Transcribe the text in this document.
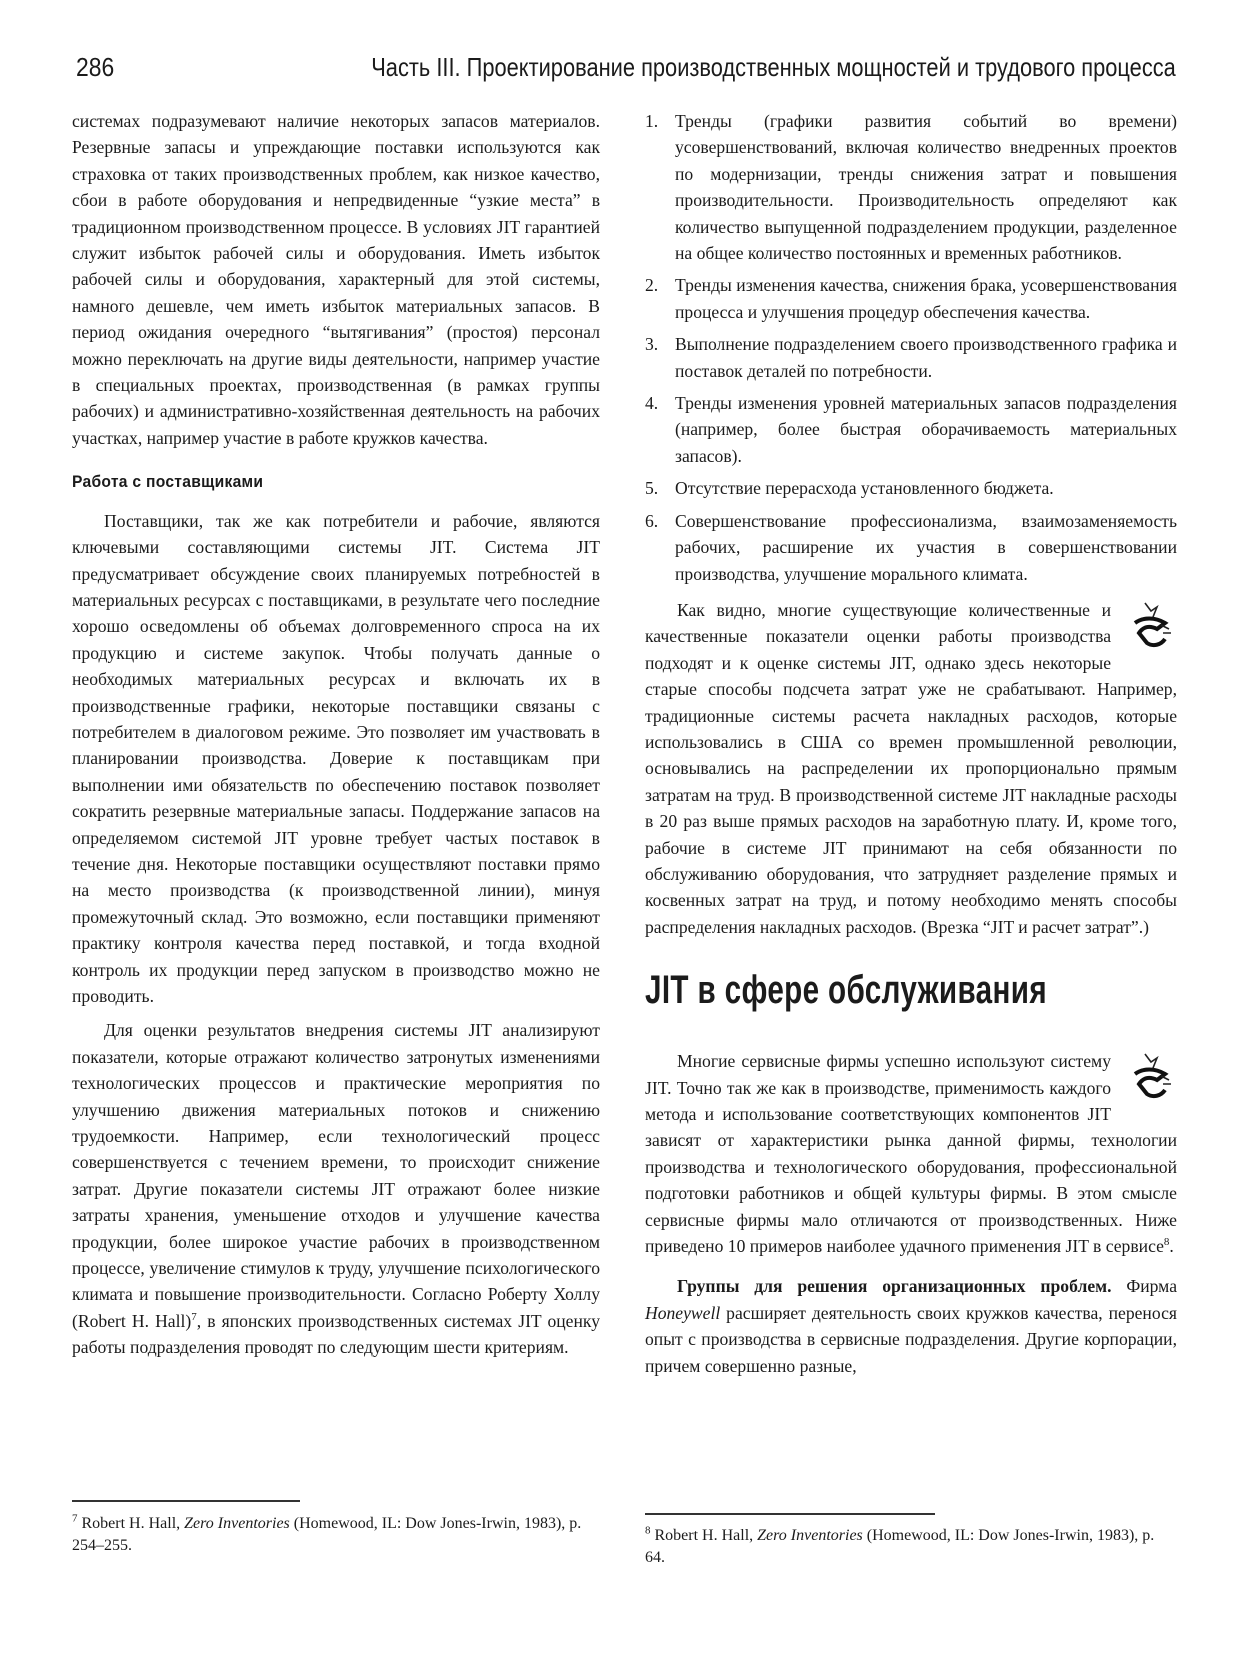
286	Часть III. Проектирование производственных мощностей и трудового процесса

системах подразумевают наличие некоторых запасов материалов. Резервные запасы и упреждающие поставки используются как страховка от таких производственных проблем, как низкое качество, сбои в работе оборудования и непредвиденные “узкие места” в традиционном производственном процессе. В условиях JIT гарантией служит избыток рабочей силы и оборудования. Иметь избыток рабочей силы и оборудования, характерный для этой системы, намного дешевле, чем иметь избыток материальных запасов. В период ожидания очередного “вытягивания” (простоя) персонал можно переключать на другие виды деятельности, например участие в специальных проектах, производственная (в рамках группы рабочих) и административно-хозяйственная деятельность на рабочих участках, например участие в работе кружков качества.

Работа с поставщиками

Поставщики, так же как потребители и рабочие, являются ключевыми составляющими системы JIT. Система JIT предусматривает обсуждение своих планируемых потребностей в материальных ресурсах с поставщиками, в результате чего последние хорошо осведомлены об объемах долговременного спроса на их продукцию и системе закупок. Чтобы получать данные о необходимых материальных ресурсах и включать их в производственные графики, некоторые поставщики связаны с потребителем в диалоговом режиме. Это позволяет им участвовать в планировании производства. Доверие к поставщикам при выполнении ими обязательств по обеспечению поставок позволяет сократить резервные материальные запасы. Поддержание запасов на определяемом системой JIT уровне требует частых поставок в течение дня. Некоторые поставщики осуществляют поставки прямо на место производства (к производственной линии), минуя промежуточный склад. Это возможно, если поставщики применяют практику контроля качества перед поставкой, и тогда входной контроль их продукции перед запуском в производство можно не проводить.

Для оценки результатов внедрения системы JIT анализируют показатели, которые отражают количество затронутых изменениями технологических процессов и практические мероприятия по улучшению движения материальных потоков и снижению трудоемкости. Например, если технологический процесс совершенствуется с течением времени, то происходит снижение затрат. Другие показатели системы JIT отражают более низкие затраты хранения, уменьшение отходов и улучшение качества продукции, более широкое участие рабочих в производственном процессе, увеличение стимулов к труду, улучшение психологического климата и повышение производительности. Согласно Роберту Холлу (Robert H. Hall)$^7$, в японских производственных системах JIT оценку работы подразделения проводят по следующим шести критериям.

1. Тренды (графики развития событий во времени) усовершенствований, включая количество внедренных проектов по модернизации, тренды снижения затрат и повышения производительности. Производительность определяют как количество выпущенной подразделением продукции, разделенное на общее количество постоянных и временных работников.
2. Тренды изменения качества, снижения брака, усовершенствования процесса и улучшения процедур обеспечения качества.
3. Выполнение подразделением своего производственного графика и поставок деталей по потребности.
4. Тренды изменения уровней материальных запасов подразделения (например, более быстрая оборачиваемость материальных запасов).
5. Отсутствие перерасхода установленного бюджета.
6. Совершенствование профессионализма, взаимозаменяемость рабочих, расширение их участия в совершенствовании производства, улучшение морального климата.

Как видно, многие существующие количественные и качественные показатели оценки работы производства подходят и к оценке системы JIT, однако здесь некоторые старые способы подсчета затрат уже не срабатывают. Например, традиционные системы расчета накладных расходов, которые использовались в США со времен промышленной революции, основывались на распределении их пропорционально прямым затратам на труд. В производственной системе JIT накладные расходы в 20 раз выше прямых расходов на заработную плату. И, кроме того, рабочие в системе JIT принимают на себя обязанности по обслуживанию оборудования, что затрудняет разделение прямых и косвенных затрат на труд, и потому необходимо менять способы распределения накладных расходов. (Врезка “JIT и расчет затрат”.)

JIT в сфере обслуживания

Многие сервисные фирмы успешно используют систему JIT. Точно так же как в производстве, применимость каждого метода и использование соответствующих компонентов JIT зависят от характеристики рынка данной фирмы, технологии производства и технологического оборудования, профессиональной подготовки работников и общей культуры фирмы. В этом смысле сервисные фирмы мало отличаются от производственных. Ниже приведено 10 примеров наиболее удачного применения JIT в сервисе$^8$.

Группы для решения организационных проблем. Фирма Honeywell расширяет деятельность своих кружков качества, перенося опыт с производства в сервисные подразделения. Другие корпорации, причем совершенно разные,

$^7$ Robert H. Hall, Zero Inventories (Homewood, IL: Dow Jones-Irwin, 1983), p. 254–255.
$^8$ Robert H. Hall, Zero Inventories (Homewood, IL: Dow Jones-Irwin, 1983), p. 64.
